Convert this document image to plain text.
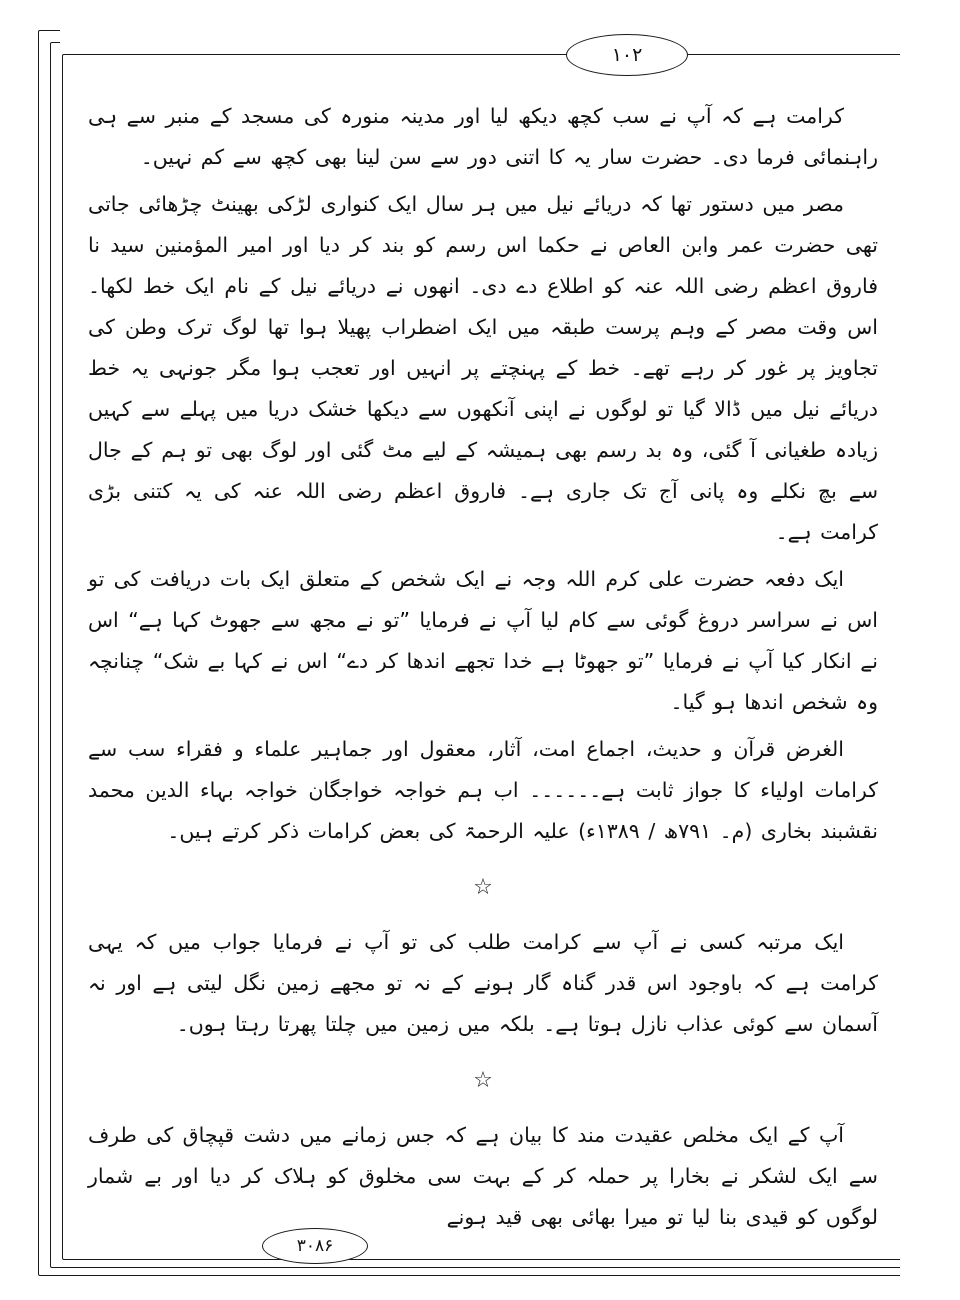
۱۰۲

کرامت ہے کہ آپ نے سب کچھ دیکھ لیا اور مدینہ منورہ کی مسجد کے منبر سے ہی راہنمائی فرما دی۔ حضرت سار یہ کا اتنی دور سے سن لینا بھی کچھ سے کم نہیں۔

مصر میں دستور تھا کہ دریائے نیل میں ہر سال ایک کنواری لڑکی بھینٹ چڑھائی جاتی تھی حضرت عمر وابن العاص نے حکما اس رسم کو بند کر دیا اور امیر المؤمنین سید نا فاروق اعظم رضی اللہ عنہ کو اطلاع دے دی۔ انھوں نے دریائے نیل کے نام ایک خط لکھا۔ اس وقت مصر کے وہم پرست طبقہ میں ایک اضطراب پھیلا ہوا تھا لوگ ترک وطن کی تجاویز پر غور کر رہے تھے۔ خط کے پہنچتے پر انہیں اور تعجب ہوا مگر جونہی یہ خط دریائے نیل میں ڈالا گیا تو لوگوں نے اپنی آنکھوں سے دیکھا خشک دریا میں پہلے سے کہیں زیادہ طغیانی آ گئی، وہ بد رسم بھی ہمیشہ کے لیے مٹ گئی اور لوگ بھی تو ہم کے جال سے بچ نکلے وہ پانی آج تک جاری ہے۔ فاروق اعظم رضی اللہ عنہ کی یہ کتنی بڑی کرامت ہے۔

ایک دفعہ حضرت علی کرم اللہ وجہ نے ایک شخص کے متعلق ایک بات دریافت کی تو اس نے سراسر دروغ گوئی سے کام لیا آپ نے فرمایا ”تو نے مجھ سے جھوٹ کہا ہے“ اس نے انکار کیا آپ نے فرمایا ”تو جھوٹا ہے خدا تجھے اندھا کر دے“ اس نے کہا بے شک“ چنانچہ وہ شخص اندھا ہو گیا۔

الغرض قرآن و حدیث، اجماع امت، آثار، معقول اور جماہیر علماء و فقراء سب سے کرامات اولیاء کا جواز ثابت ہے۔۔۔۔۔۔ اب ہم خواجہ خواجگان خواجہ بہاء الدین محمد نقشبند بخاری (م۔ ۷۹۱ھ / ۱۳۸۹ء) علیہ الرحمۃ کی بعض کرامات ذکر کرتے ہیں۔

☆

ایک مرتبہ کسی نے آپ سے کرامت طلب کی تو آپ نے فرمایا جواب میں کہ یہی کرامت ہے کہ باوجود اس قدر گناہ گار ہونے کے نہ تو مجھے زمین نگل لیتی ہے اور نہ آسمان سے کوئی عذاب نازل ہوتا ہے۔ بلکہ میں زمین میں چلتا پھرتا رہتا ہوں۔

☆

آپ کے ایک مخلص عقیدت مند کا بیان ہے کہ جس زمانے میں دشت قپچاق کی طرف سے ایک لشکر نے بخارا پر حملہ کر کے بہت سی مخلوق کو ہلاک کر دیا اور بے شمار لوگوں کو قیدی بنا لیا تو میرا بھائی بھی قید ہونے

۳۰۸۶
